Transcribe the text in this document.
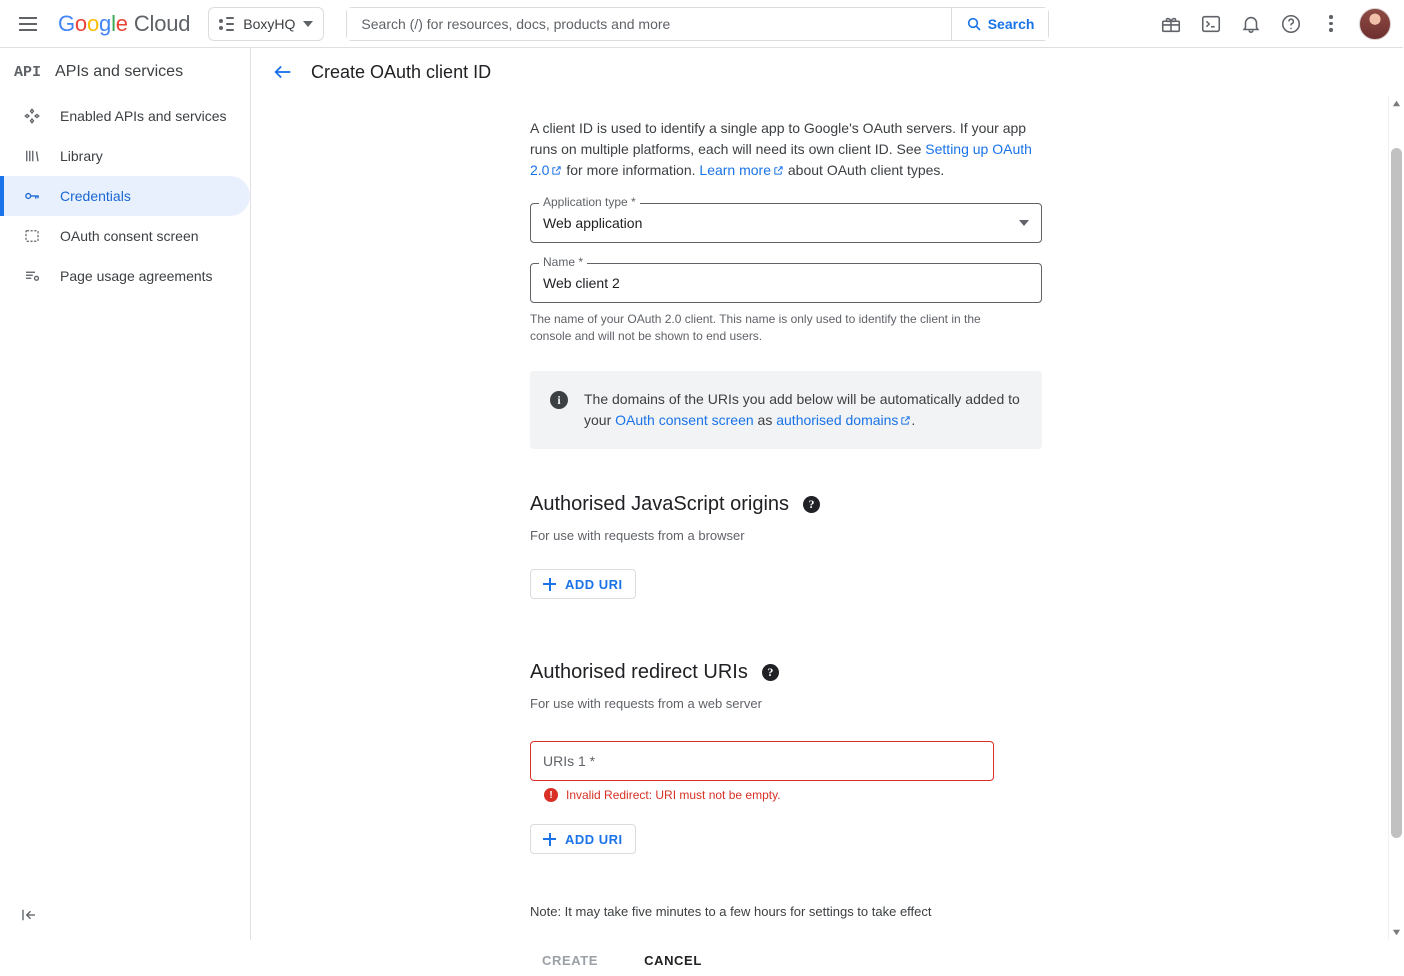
Google Cloud	BoxyHQ
Search (/) for resources, docs, products and more	Search
API APIs and services
Enabled APIs and services
Library
Credentials
OAuth consent screen
Page usage agreements
Create OAuth client ID
A client ID is used to identify a single app to Google's OAuth servers. If your app runs on multiple platforms, each will need its own client ID. See Setting up OAuth 2.0 for more information. Learn more about OAuth client types.
Application type *
Web application
Name *
Web client 2
The name of your OAuth 2.0 client. This name is only used to identify the client in the console and will not be shown to end users.
i	The domains of the URIs you add below will be automatically added to your OAuth consent screen as authorised domains .
Authorised JavaScript origins	?
For use with requests from a browser
ADD URI
Authorised redirect URIs	?
For use with requests from a web server
URIs 1 *
!	Invalid Redirect: URI must not be empty.
ADD URI
Note: It may take five minutes to a few hours for settings to take effect
CREATE	CANCEL
